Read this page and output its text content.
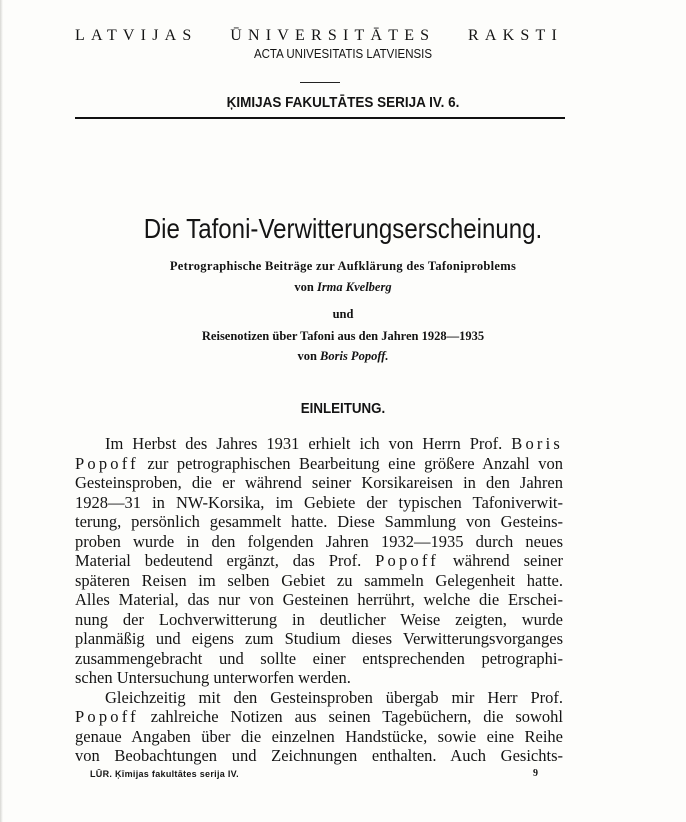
LATVIJAS ŪNIVERSITĀTES RAKSTI
ACTA UNIVESITATIS LATVIENSIS
ĶIMIJAS FAKULTĀTES SERIJA IV. 6.
Die Tafoni-Verwitterungserscheinung.
Petrographische Beiträge zur Aufklärung des Tafoniproblems
von Irma Kvelberg
und
Reisenotizen über Tafoni aus den Jahren 1928—1935
von Boris Popoff.
EINLEITUNG.
Im Herbst des Jahres 1931 erhielt ich von Herrn Prof. Boris
Popoff zur petrographischen Bearbeitung eine größere Anzahl von
Gesteinsproben, die er während seiner Korsikareisen in den Jahren
1928—31 in NW-Korsika, im Gebiete der typischen Tafoniverwit-
terung, persönlich gesammelt hatte. Diese Sammlung von Gesteins-
proben wurde in den folgenden Jahren 1932—1935 durch neues
Material bedeutend ergänzt, das Prof. Popoff während seiner
späteren Reisen im selben Gebiet zu sammeln Gelegenheit hatte.
Alles Material, das nur von Gesteinen herrührt, welche die Erschei-
nung der Lochverwitterung in deutlicher Weise zeigten, wurde
planmäßig und eigens zum Studium dieses Verwitterungsvorganges
zusammengebracht und sollte einer entsprechenden petrographi-
schen Untersuchung unterworfen werden.
Gleichzeitig mit den Gesteinsproben übergab mir Herr Prof.
Popoff zahlreiche Notizen aus seinen Tagebüchern, die sowohl
genaue Angaben über die einzelnen Handstücke, sowie eine Reihe
von Beobachtungen und Zeichnungen enthalten. Auch Gesichts-
LŪR. Ķīmijas fakultātes serija IV.	9
